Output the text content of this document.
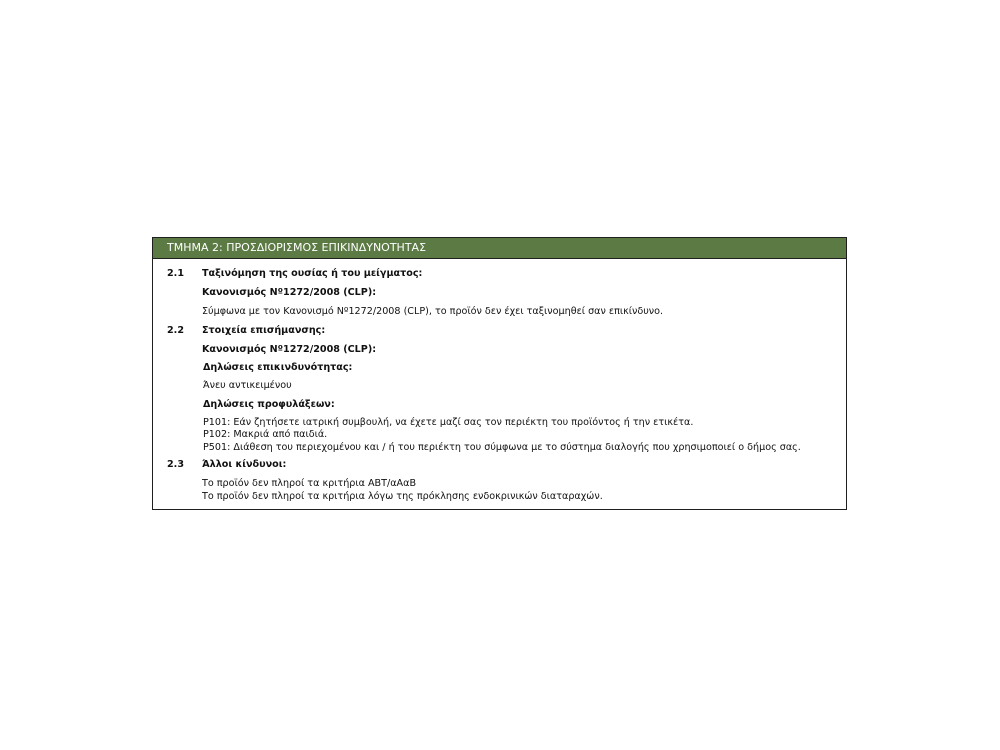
ΤΜΗΜΑ 2: ΠΡΟΣΔΙΟΡΙΣΜΟΣ ΕΠΙΚΙΝΔΥΝΟΤΗΤΑΣ
2.1 Ταξινόμηση της ουσίας ή του μείγματος:
Κανονισμός Nº1272/2008 (CLP):
Σύμφωνα με τον Κανονισμό Nº1272/2008 (CLP), το προϊόν δεν έχει ταξινομηθεί σαν επικίνδυνο.
2.2 Στοιχεία επισήμανσης:
Κανονισμός Nº1272/2008 (CLP):
Δηλώσεις επικινδυνότητας:
Άνευ αντικειμένου
Δηλώσεις προφυλάξεων:
P101: Εάν ζητήσετε ιατρική συμβουλή, να έχετε μαζί σας τον περιέκτη του προϊόντος ή την ετικέτα.
P102: Μακριά από παιδιά.
P501: Διάθεση του περιεχομένου και / ή του περιέκτη του σύμφωνα με το σύστημα διαλογής που χρησιμοποιεί ο δήμος σας.
2.3 Άλλοι κίνδυνοι:
Το προϊόν δεν πληροί τα κριτήρια ΑΒΤ/αΑαΒ
Το προϊόν δεν πληροί τα κριτήρια λόγω της πρόκλησης ενδοκρινικών διαταραχών.
